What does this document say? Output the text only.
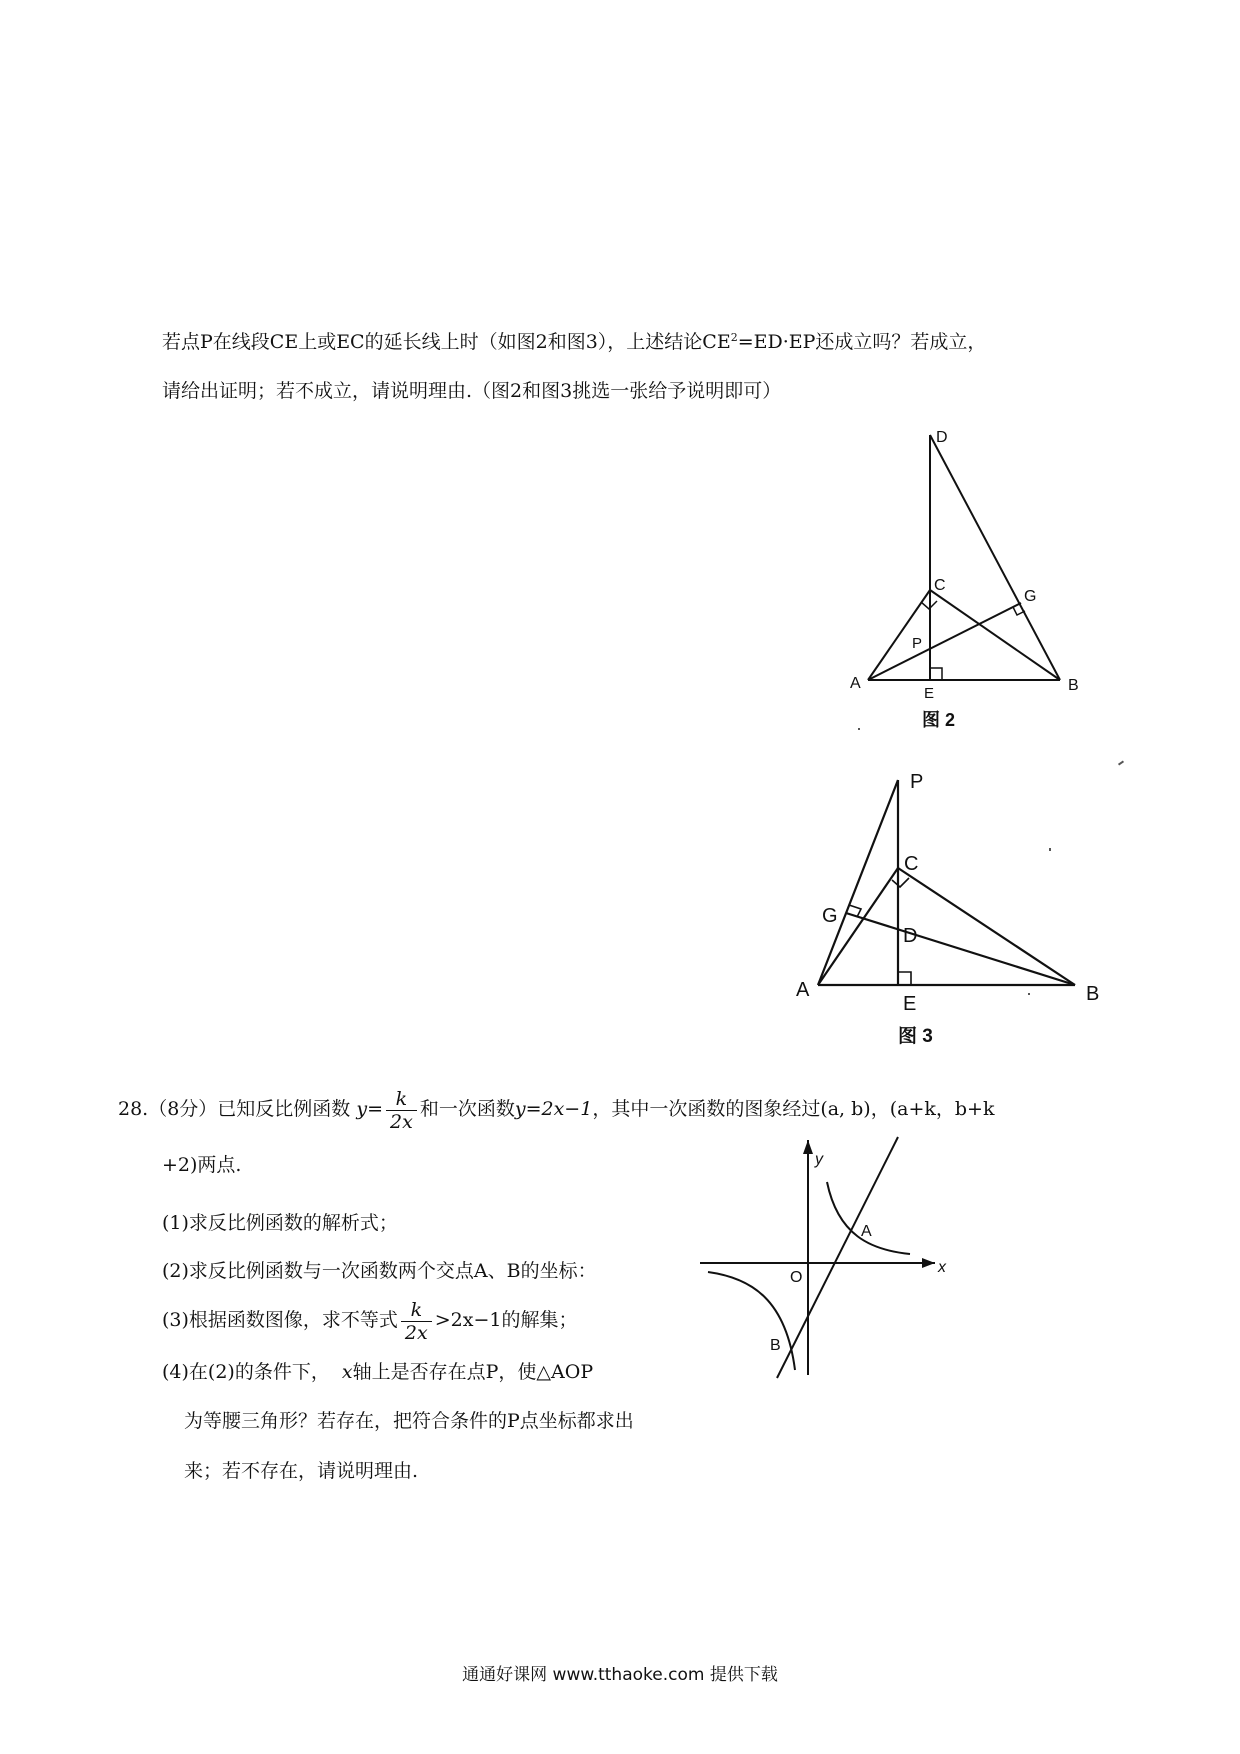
若点P在线段CE上或EC的延长线上时（如图2和图3），上述结论$CE^2=ED\cdot EP$还成立吗？若成立，
请给出证明；若不成立，请说明理由.（图2和图3挑选一张给予说明即可）
D
C
G
P
A
E	B
图 2
P
C
G
D
A
E	B
图 3
28.（8分）已知反比例函数 $y= \frac{k}{2x}$ 和一次函数y=2x−1，其中一次函数的图象经过(a, b)，(a+k，b+k
+2)两点.
(1)求反比例函数的解析式；
(2)求反比例函数与一次函数两个交点A、B的坐标：
(3)根据函数图像，求不等式 $\frac{k}{2x} >2x-1$的解集；
(4)在(2)的条件下， x轴上是否存在点P，使△AOP
为等腰三角形？若存在，把符合条件的P点坐标都求出
来；若不存在，请说明理由.
y
x
O
A
B
通通好课网 www.tthaoke.com 提供下载
